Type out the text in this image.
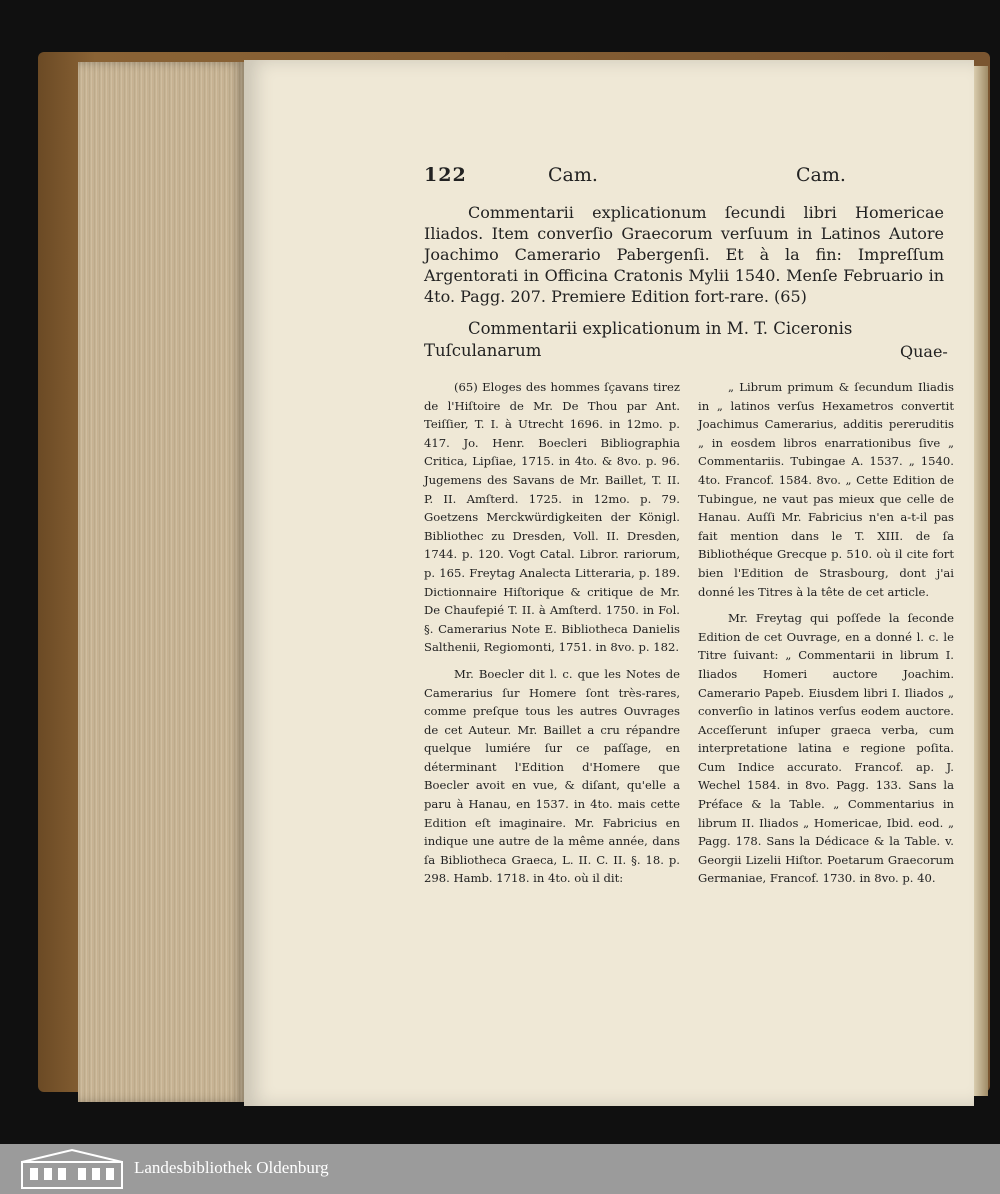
122	Cam.	Cam.

Commentarii explicationum ſecundi libri Homericae Iliados. Item converſio Graecorum verſuum in Latinos Autore Joachimo Camerario Pabergenſi. Et à la fin: Impreſſum Argentorati in Officina Cratonis Mylii 1540. Menſe Februario in 4to. Pagg. 207. Premiere Edition fort-rare. (65)

Commentarii explicationum in M. T. Ciceronis Tuſculanarum	Quae-

(65) Eloges des hommes ſçavans tirez de l'Hiſtoire de Mr. De Thou par Ant. Teiſſier, T. I. à Utrecht 1696. in 12mo. p. 417. Jo. Henr. Boecleri Bibliographia Critica, Lipſiae, 1715. in 4to. & 8vo. p. 96. Jugemens des Savans de Mr. Baillet, T. II. P. II. Amſterd. 1725. in 12mo. p. 79. Goetzens Merckwürdigkeiten der Königl. Bibliothec zu Dresden, Voll. II. Dresden, 1744. p. 120. Vogt Catal. Libror. rariorum, p. 165. Freytag Analecta Litteraria, p. 189. Dictionnaire Hiſtorique & critique de Mr. De Chaufepié T. II. à Amſterd. 1750. in Fol. §. Camerarius Note E. Bibliotheca Danielis Salthenii, Regiomonti, 1751. in 8vo. p. 182.

Mr. Boecler dit l. c. que les Notes de Camerarius ſur Homere ſont très-rares, comme preſque tous les autres Ouvrages de cet Auteur. Mr. Baillet a cru répandre quelque lumiére ſur ce paſſage, en déterminant l'Edition d'Homere que Boecler avoit en vue, & diſant, qu'elle a paru à Hanau, en 1537. in 4to. mais cette Edition eſt imaginaire. Mr. Fabricius en indique une autre de la même année, dans ſa Bibliotheca Graeca, L. II. C. II. §. 18. p. 298. Hamb. 1718. in 4to. où il dit:

„ Librum primum & ſecundum Iliadis in „ latinos verſus Hexametros convertit Joachimus Camerarius, additis pereruditis „ in eosdem libros enarrationibus ſive „ Commentariis. Tubingae A. 1537. „ 1540. 4to. Francof. 1584. 8vo. „ Cette Edition de Tubingue, ne vaut pas mieux que celle de Hanau. Auſſi Mr. Fabricius n'en a-t-il pas fait mention dans le T. XIII. de ſa Bibliothéque Grecque p. 510. où il cite fort bien l'Edition de Strasbourg, dont j'ai donné les Titres à la tête de cet article.

Mr. Freytag qui poſſede la ſeconde Edition de cet Ouvrage, en a donné l. c. le Titre ſuivant: „ Commentarii in librum I. Iliados Homeri auctore Joachim. Camerario Papeb. Eiusdem libri I. Iliados „ converſio in latinos verſus eodem auctore. Acceſſerunt inſuper graeca verba, cum interpretatione latina e regione poſita. Cum Indice accurato. Francof. ap. J. Wechel 1584. in 8vo. Pagg. 133. Sans la Préface & la Table. „ Commentarius in librum II. Iliados „ Homericae, Ibid. eod. „ Pagg. 178. Sans la Dédicace & la Table. v. Georgii Lizelii Hiſtor. Poetarum Graecorum Germaniae, Francof. 1730. in 8vo. p. 40.

Landesbibliothek Oldenburg
